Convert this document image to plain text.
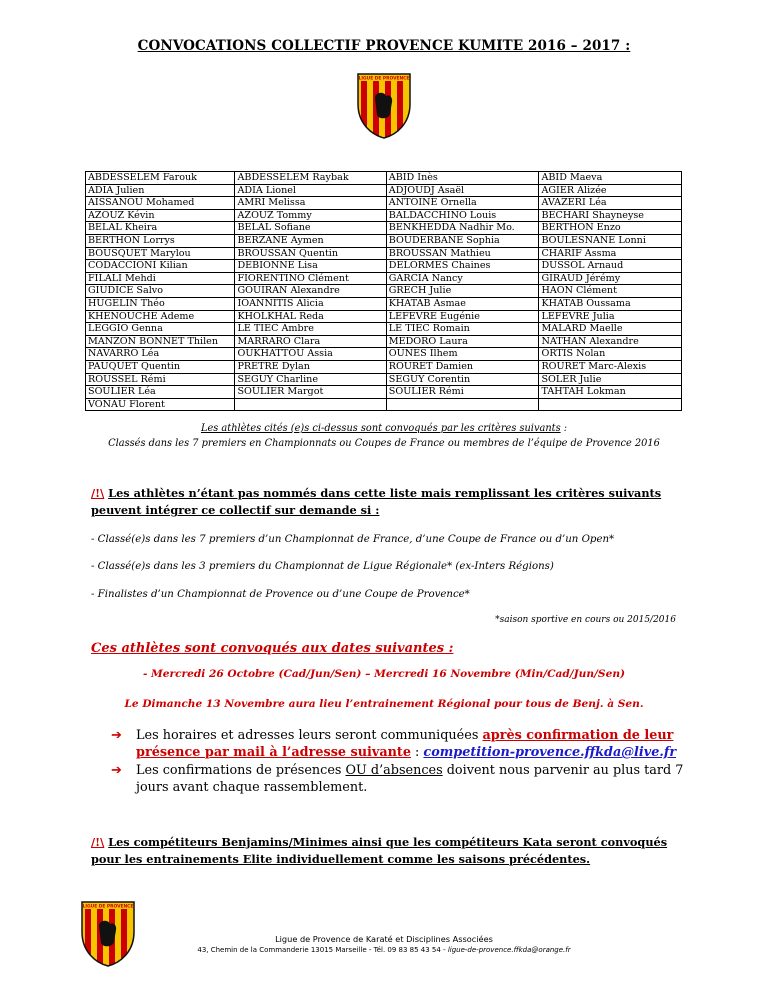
CONVOCATIONS COLLECTIF PROVENCE KUMITE 2016 – 2017 :
LIGUE DE PROVENCE
ABDESSELEM Farouk	ABDESSELEM Raybak	ABID Inès	ABID Maeva
ADIA Julien	ADIA Lionel	ADJOUDJ Asaël	AGIER Alizée
AISSANOU Mohamed	AMRI Melissa	ANTOINE Ornella	AVAZERI Léa
AZOUZ Kévin	AZOUZ Tommy	BALDACCHINO Louis	BECHARI Shayneyse
BELAL Kheira	BELAL Sofiane	BENKHEDDA Nadhir Mo.	BERTHON Enzo
BERTHON Lorrys	BERZANE Aymen	BOUDERBANE Sophia	BOULESNANE Lonni
BOUSQUET Marylou	BROUSSAN Quentin	BROUSSAN Mathieu	CHARIF Assma
CODACCIONI Kilian	DEBIONNE Lisa	DELORMES Chaines	DUSSOL Arnaud
FILALI Mehdi	FIORENTINO Clément	GARCIA Nancy	GIRAUD Jérémy
GIUDICE Salvo	GOUIRAN Alexandre	GRECH Julie	HAON Clément
HUGELIN Théo	IOANNITIS Alicia	KHATAB Asmae	KHATAB Oussama
KHENOUCHE Ademe	KHOLKHAL Reda	LEFEVRE Eugénie	LEFEVRE Julia
LEGGIO Genna	LE TIEC Ambre	LE TIEC Romain	MALARD Maelle
MANZON BONNET Thilen	MARRARO Clara	MEDORO Laura	NATHAN Alexandre
NAVARRO Léa	OUKHATTOU Assia	OUNES Ilhem	ORTIS Nolan
PAUQUET Quentin	PRETRE Dylan	ROURET Damien	ROURET Marc-Alexis
ROUSSEL Rémi	SEGUY Charline	SEGUY Corentin	SOLER Julie
SOULIER Léa	SOULIER Margot	SOULIER Rémi	TAHTAH Lokman
VONAU Florent			
Les athlètes cités (e)s ci-dessus sont convoqués par les critères suivants :
Classés dans les 7 premiers en Championnats ou Coupes de France ou membres de l’équipe de Provence 2016
/!\ Les athlètes n’étant pas nommés dans cette liste mais remplissant les critères suivants peuvent intégrer ce collectif sur demande si :
- Classé(e)s dans les 7 premiers d’un Championnat de France, d’une Coupe de France ou d’un Open*
- Classé(e)s dans les 3 premiers du Championnat de Ligue Régionale* (ex-Inters Régions)
- Finalistes d’un Championnat de Provence ou d’une Coupe de Provence*
*saison sportive en cours ou 2015/2016
Ces athlètes sont convoqués aux dates suivantes :
- Mercredi 26 Octobre (Cad/Jun/Sen) – Mercredi 16 Novembre (Min/Cad/Jun/Sen)
Le Dimanche 13 Novembre aura lieu l’entrainement Régional pour tous de Benj. à Sen.
➔ Les horaires et adresses leurs seront communiquées après confirmation de leur présence par mail à l’adresse suivante : competition-provence.ffkda@live.fr
➔ Les confirmations de présences OU d’absences doivent nous parvenir au plus tard 7 jours avant chaque rassemblement.
/!\ Les compétiteurs Benjamins/Minimes ainsi que les compétiteurs Kata seront convoqués pour les entrainements Elite individuellement comme les saisons précédentes.
LIGUE DE PROVENCE
Ligue de Provence de Karaté et Disciplines Associées
43, Chemin de la Commanderie 13015 Marseille - Tél. 09 83 85 43 54 - ligue-de-provence.ffkda@orange.fr
